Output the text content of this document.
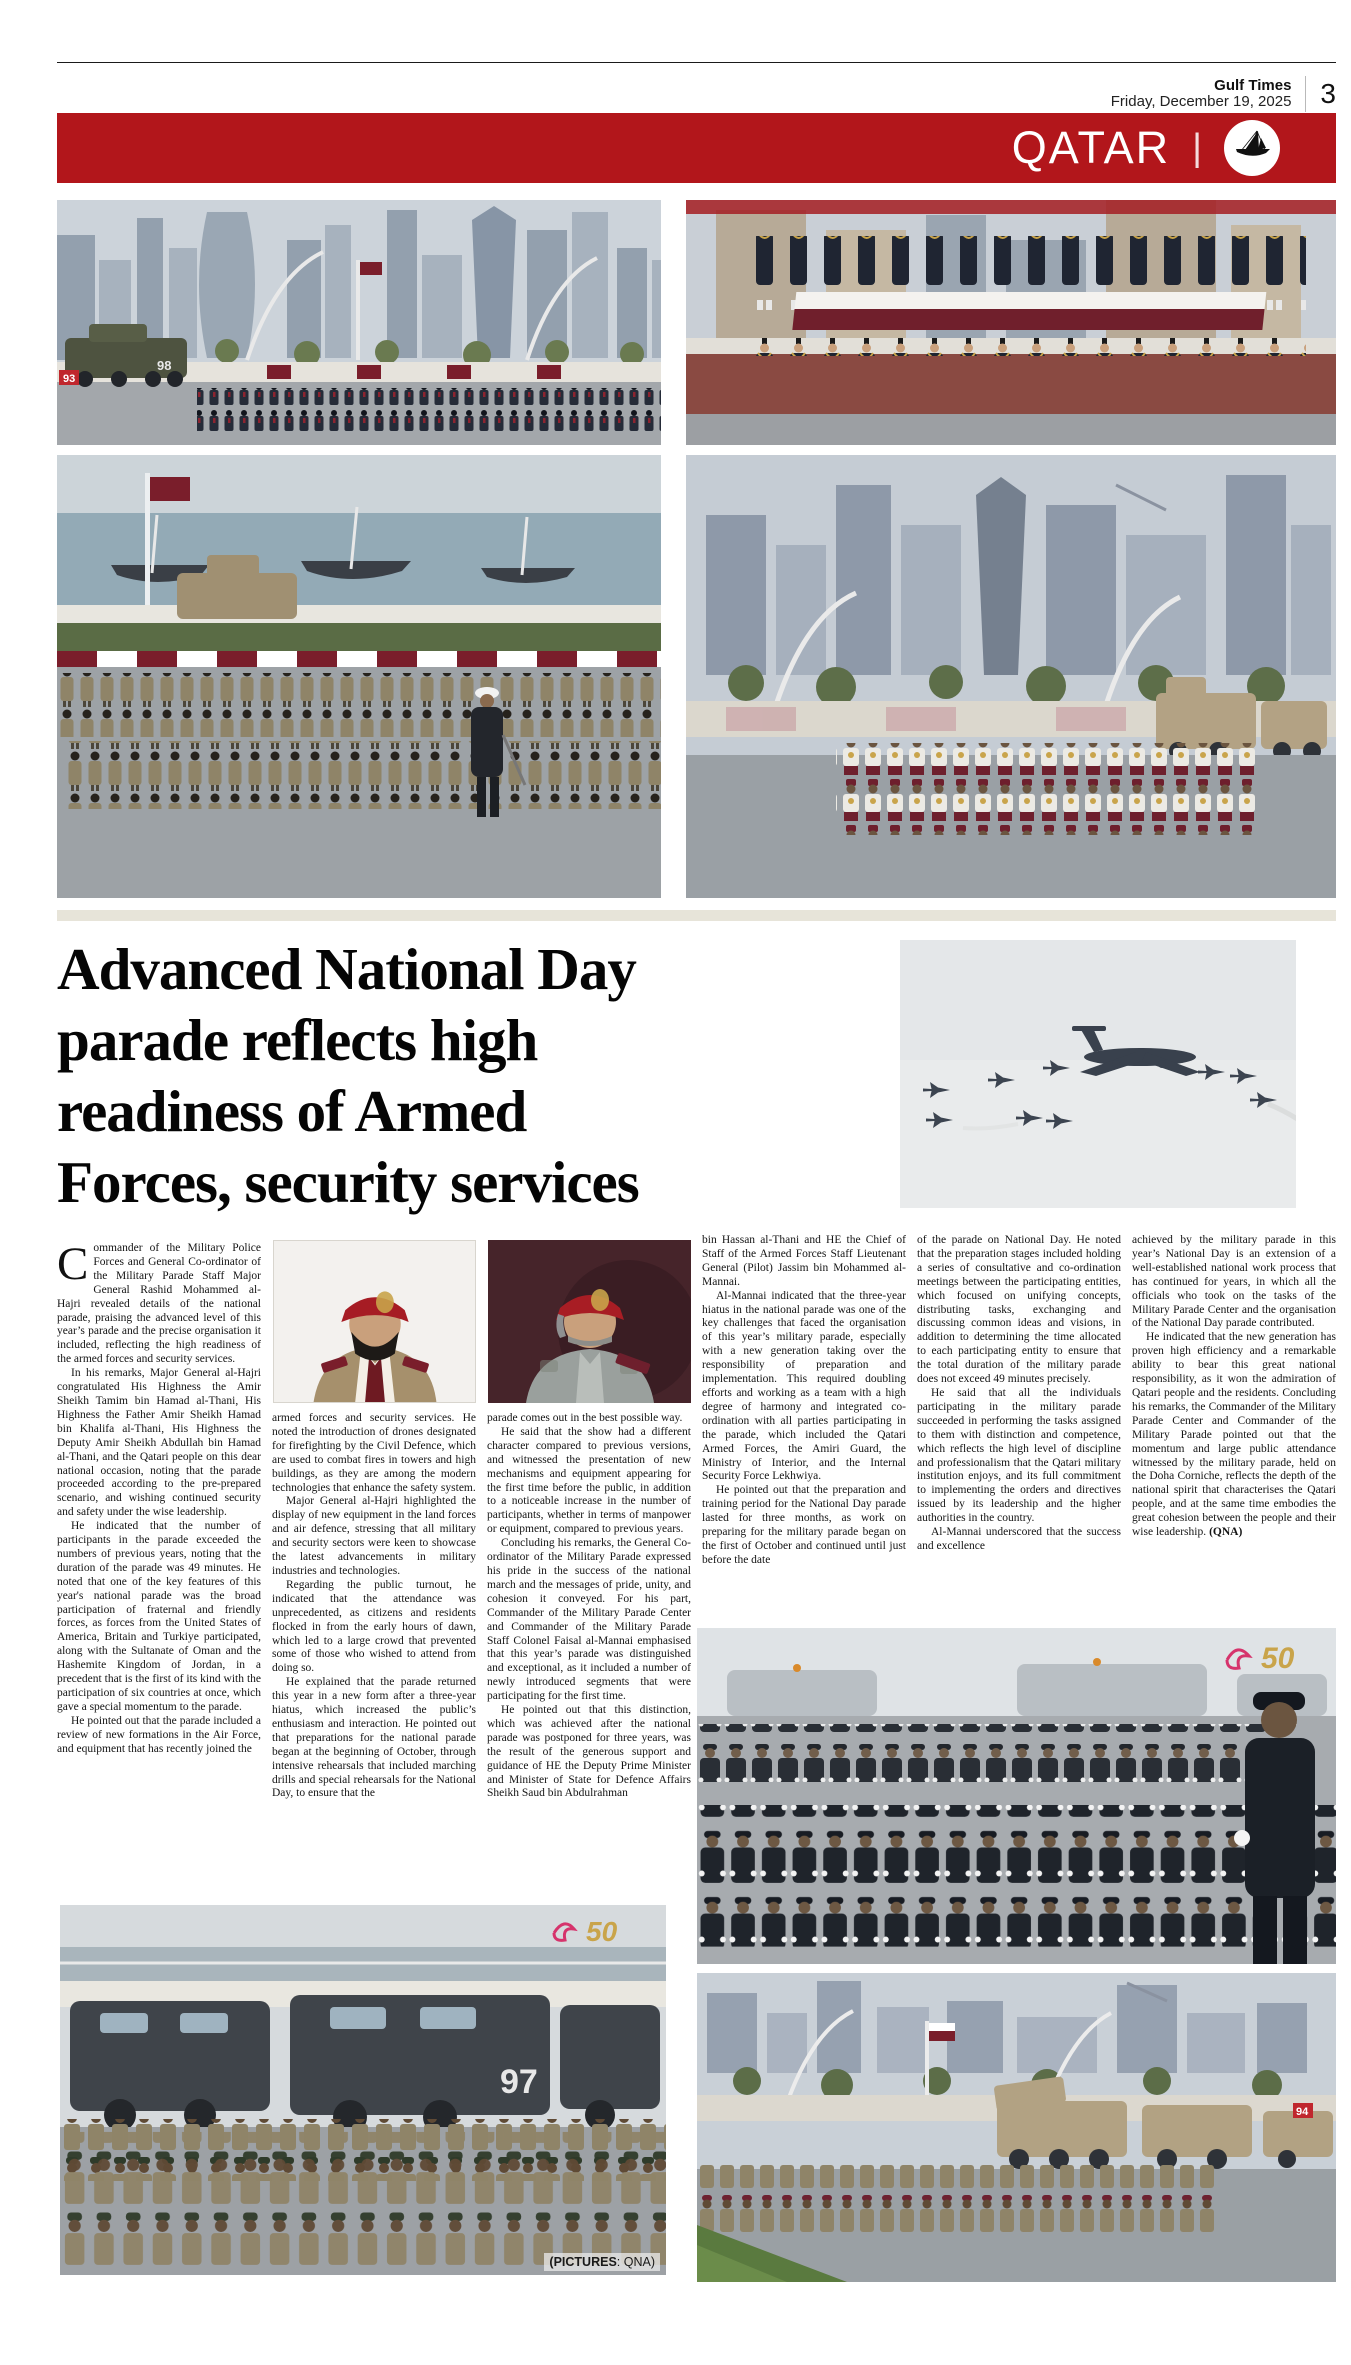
Gulf Times
Friday, December 19, 2025 3
QATAR |
98
93
Advanced National Day
parade reflects high
readiness of Armed
Forces, security services

Commander of the Military Police Forces and General Co-ordinator of the Military Parade Staff Major General Rashid Mohammed al-Hajri revealed details of the national parade, praising the advanced level of this year’s parade and the precise organisation it included, reflecting the high readiness of the armed forces and security services.

In his remarks, Major General al-Hajri congratulated His Highness the Amir Sheikh Tamim bin Hamad al-Thani, His Highness the Father Amir Sheikh Hamad bin Khalifa al-Thani, His Highness the Deputy Amir Sheikh Abdullah bin Hamad al-Thani, and the Qatari people on this dear national occasion, noting that the parade proceeded according to the pre-prepared scenario, and wishing continued security and safety under the wise leadership.

He indicated that the number of participants in the parade exceeded the numbers of previous years, noting that the duration of the parade was 49 minutes. He noted that one of the key features of this year's national parade was the broad participation of fraternal and friendly forces, as forces from the United States of America, Britain and Turkiye participated, along with the Sultanate of Oman and the Hashemite Kingdom of Jordan, in a precedent that is the first of its kind with the participation of six countries at once, which gave a special momentum to the parade.

He pointed out that the parade included a review of new formations in the Air Force, and equipment that has recently joined the

armed forces and security services. He noted the introduction of drones designated for firefighting by the Civil Defence, which are used to combat fires in towers and high buildings, as they are among the modern technologies that enhance the safety system.

Major General al-Hajri highlighted the display of new equipment in the land forces and air defence, stressing that all military and security sectors were keen to showcase the latest advancements in military industries and technologies.

Regarding the public turnout, he indicated that the attendance was unprecedented, as citizens and residents flocked in from the early hours of dawn, which led to a large crowd that prevented some of those who wished to attend from doing so.

He explained that the parade returned this year in a new form after a three-year hiatus, which increased the public’s enthusiasm and interaction. He pointed out that preparations for the national parade began at the beginning of October, through intensive rehearsals that included marching drills and special rehearsals for the National Day, to ensure that the

parade comes out in the best possible way.

He said that the show had a different character compared to previous versions, and witnessed the presentation of new mechanisms and equipment appearing for the first time before the public, in addition to a noticeable increase in the number of participants, whether in terms of manpower or equipment, compared to previous years.

Concluding his remarks, the General Co-ordinator of the Military Parade expressed his pride in the success of the national march and the messages of pride, unity, and cohesion it conveyed. For his part, Commander of the Military Parade Center and Commander of the Military Parade Staff Colonel Faisal al-Mannai emphasised that this year’s parade was distinguished and exceptional, as it included a number of newly introduced segments that were participating for the first time.

He pointed out that this distinction, which was achieved after the national parade was postponed for three years, was the result of the generous support and guidance of HE the Deputy Prime Minister and Minister of State for Defence Affairs Sheikh Saud bin Abdulrahman

bin Hassan al-Thani and HE the Chief of Staff of the Armed Forces Staff Lieutenant General (Pilot) Jassim bin Mohammed al-Mannai.

Al-Mannai indicated that the three-year hiatus in the national parade was one of the key challenges that faced the organisation of this year’s military parade, especially with a new generation taking over the responsibility of preparation and implementation. This required doubling efforts and working as a team with a high degree of harmony and integrated co-ordination with all parties participating in the parade, which included the Qatari Armed Forces, the Amiri Guard, the Ministry of Interior, and the Internal Security Force Lekhwiya.

He pointed out that the preparation and training period for the National Day parade lasted for three months, as work on preparing for the military parade began on the first of October and continued until just before the date

of the parade on National Day. He noted that the preparation stages included holding a series of consultative and co-ordination meetings between the participating entities, which focused on unifying concepts, distributing tasks, exchanging and discussing common ideas and visions, in addition to determining the time allocated to each participating entity to ensure that the total duration of the military parade does not exceed 49 minutes precisely.

He said that all the individuals participating in the military parade succeeded in performing the tasks assigned to them with distinction and competence, which reflects the high level of discipline and professionalism that the Qatari military institution enjoys, and its full commitment to implementing the orders and directives issued by its leadership and the higher authorities in the country.

Al-Mannai underscored that the success and excellence

achieved by the military parade in this year’s National Day is an extension of a well-established national work process that has continued for years, in which all the officials who took on the tasks of the Military Parade Center and the organisation of the National Day parade contributed.

He indicated that the new generation has proven high efficiency and a remarkable ability to bear this great national responsibility, as it won the admiration of Qatari people and the residents. Concluding his remarks, the Commander of the Military Parade Center and Commander of the Military Parade pointed out that the momentum and large public attendance witnessed by the military parade, held on the Doha Corniche, reflects the depth of the national spirit that characterises the Qatari people, and at the same time embodies the great cohesion between the people and their wise leadership. (QNA)

50
97
50
(PICTURES: QNA)
94
